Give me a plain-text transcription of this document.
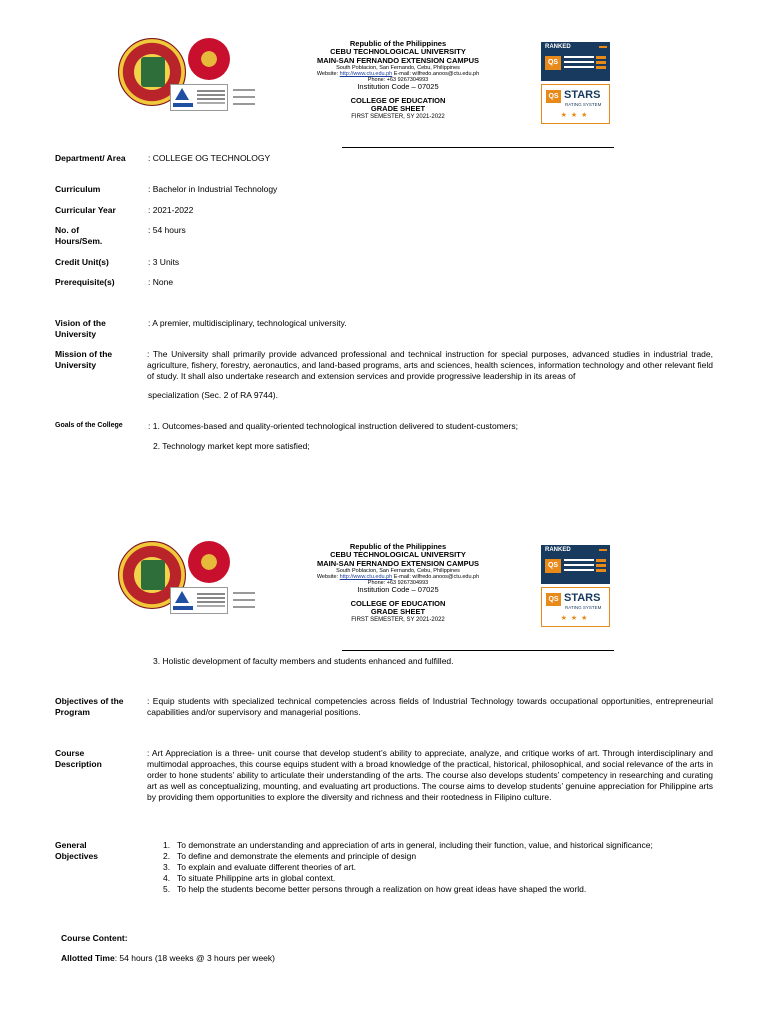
Republic of the Philippines
CEBU TECHNOLOGICAL UNIVERSITY
MAIN-SAN FERNANDO EXTENSION CAMPUS
South Poblacion, San Fernando, Cebu, Philippines
Website: http://www.ctu.edu.ph E-mail: wilfredo.anoos@ctu.edu.ph
Phone: +63 9267304993
Institution Code – 07025
COLLEGE OF EDUCATION
GRADE SHEET
FIRST SEMESTER, SY 2021-2022
RANKED
QS
QS STARS
RATING SYSTEM
★★★
Department/ Area	: COLLEGE OG TECHNOLOGY
Curriculum	: Bachelor in Industrial Technology
Curricular Year	: 2021-2022
No. of Hours/Sem.
: 54 hours
Credit Unit(s)	: 3 Units
Prerequisite(s)	: None
Vision of the University
: A premier, multidisciplinary, technological university.
Mission of the University
: The University shall primarily provide advanced professional and technical instruction for special purposes, advanced studies in industrial trade, agriculture, fishery, forestry, aeronautics, and land-based programs, arts and sciences, health sciences, information technology and other relevant field of study. It shall also undertake research and extension services and provide progressive leadership in its areas of
specialization (Sec. 2 of RA 9744).
Goals of the College	: 1. Outcomes-based and quality-oriented technological instruction delivered to student-customers;
2. Technology market kept more satisfied;
Republic of the Philippines
CEBU TECHNOLOGICAL UNIVERSITY
MAIN-SAN FERNANDO EXTENSION CAMPUS
South Poblacion, San Fernando, Cebu, Philippines
Website: http://www.ctu.edu.ph E-mail: wilfredo.anoos@ctu.edu.ph
Phone: +63 9267304993
Institution Code – 07025
COLLEGE OF EDUCATION
GRADE SHEET
FIRST SEMESTER, SY 2021-2022
RANKED
QS
QS STARS
RATING SYSTEM
★★★
3. Holistic development of faculty members and students enhanced and fulfilled.
Objectives of the Program
: Equip students with specialized technical competencies across fields of Industrial Technology towards occupational opportunities, entrepreneurial capabilities and/or supervisory and managerial positions.
Course Description
: Art Appreciation is a three- unit course that develop student’s ability to appreciate, analyze, and critique works of art. Through interdisciplinary and multimodal approaches, this course equips student with a broad knowledge of the practical, historical, philosophical, and social relevance of the arts in order to hone students’ ability to articulate their understanding of the arts. The course also develops students’ competency in researching and curating art as well as conceptualizing, mounting, and evaluating art productions. The course aims to develop students’ genuine appreciation for Philippine arts by providing them opportunities to explore the diversity and richness and their rootedness in Filipino culture.
General Objectives
1. To demonstrate an understanding and appreciation of arts in general, including their function, value, and historical significance;
2. To define and demonstrate the elements and principle of design
3. To explain and evaluate different theories of art.
4. To situate Philippine arts in global context.
5. To help the students become better persons through a realization on how great ideas have shaped the world.
Course Content:
Allotted Time: 54 hours (18 weeks @ 3 hours per week)
